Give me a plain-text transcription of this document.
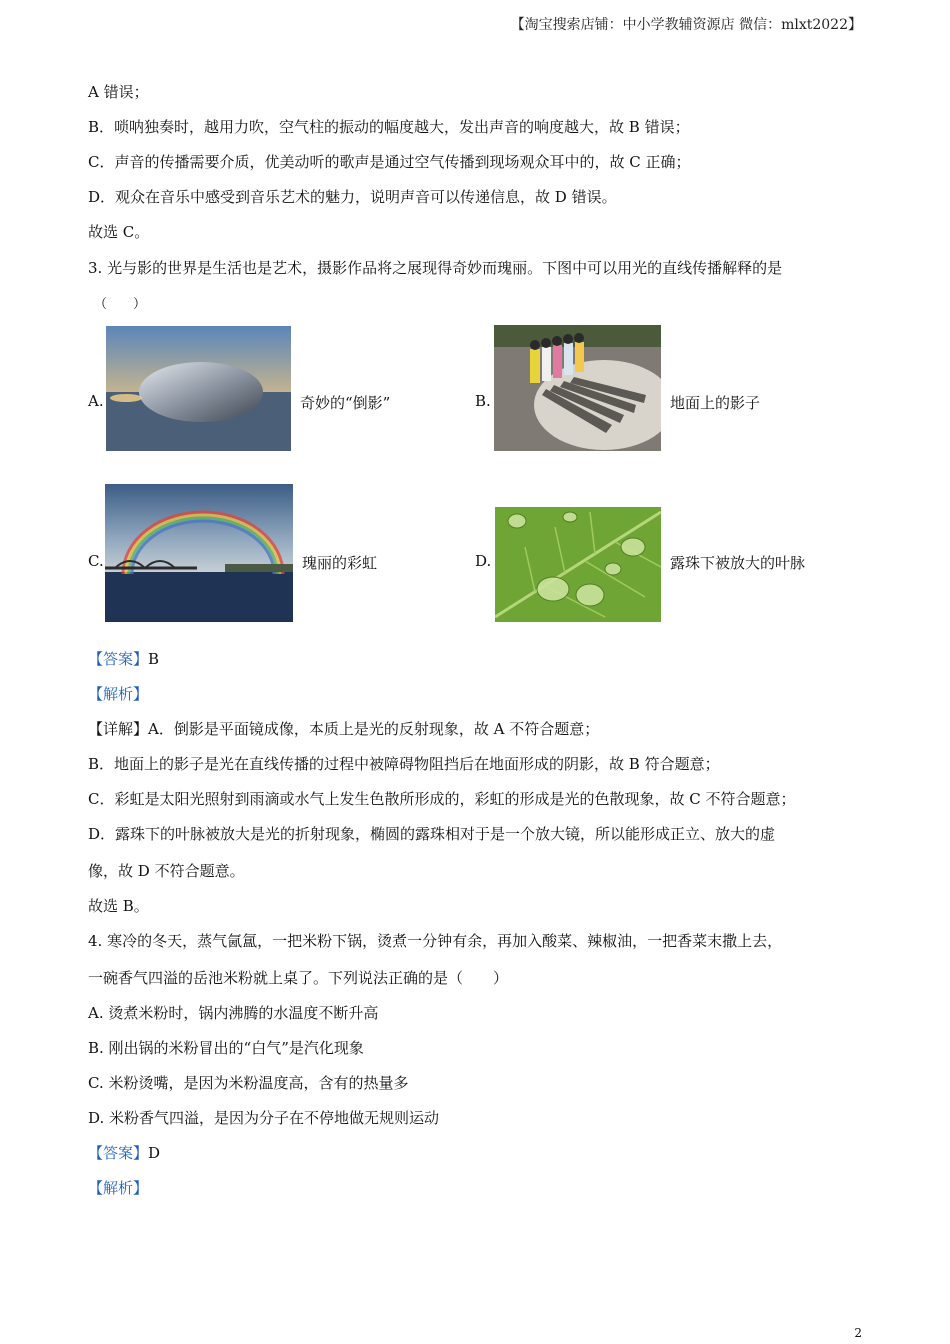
【淘宝搜索店铺：中小学教辅资源店 微信：mlxt2022】
A 错误；
B．唢呐独奏时，越用力吹，空气柱的振动的幅度越大，发出声音的响度越大，故 B 错误；
C．声音的传播需要介质，优美动听的歌声是通过空气传播到现场观众耳中的，故 C 正确；
D．观众在音乐中感受到音乐艺术的魅力，说明声音可以传递信息，故 D 错误。
故选 C。
3. 光与影的世界是生活也是艺术，摄影作品将之展现得奇妙而瑰丽。下图中可以用光的直线传播解释的是
（　　）
A.	奇妙的“倒影”	B.	地面上的影子
C.	瑰丽的彩虹	D.	露珠下被放大的叶脉
【答案】B
【解析】
【详解】A．倒影是平面镜成像，本质上是光的反射现象，故 A 不符合题意；
B．地面上的影子是光在直线传播的过程中被障碍物阻挡后在地面形成的阴影，故 B 符合题意；
C．彩虹是太阳光照射到雨滴或水气上发生色散所形成的，彩虹的形成是光的色散现象，故 C 不符合题意；
D．露珠下的叶脉被放大是光的折射现象，椭圆的露珠相对于是一个放大镜，所以能形成正立、放大的虚
像，故 D 不符合题意。
故选 B。
4. 寒冷的冬天，蒸气氤氲，一把米粉下锅，烫煮一分钟有余，再加入酸菜、辣椒油，一把香菜末撒上去，
一碗香气四溢的岳池米粉就上桌了。下列说法正确的是（　　）
A. 烫煮米粉时，锅内沸腾的水温度不断升高
B. 刚出锅的米粉冒出的“白气”是汽化现象
C. 米粉烫嘴，是因为米粉温度高，含有的热量多
D. 米粉香气四溢，是因为分子在不停地做无规则运动
【答案】D
【解析】
2
